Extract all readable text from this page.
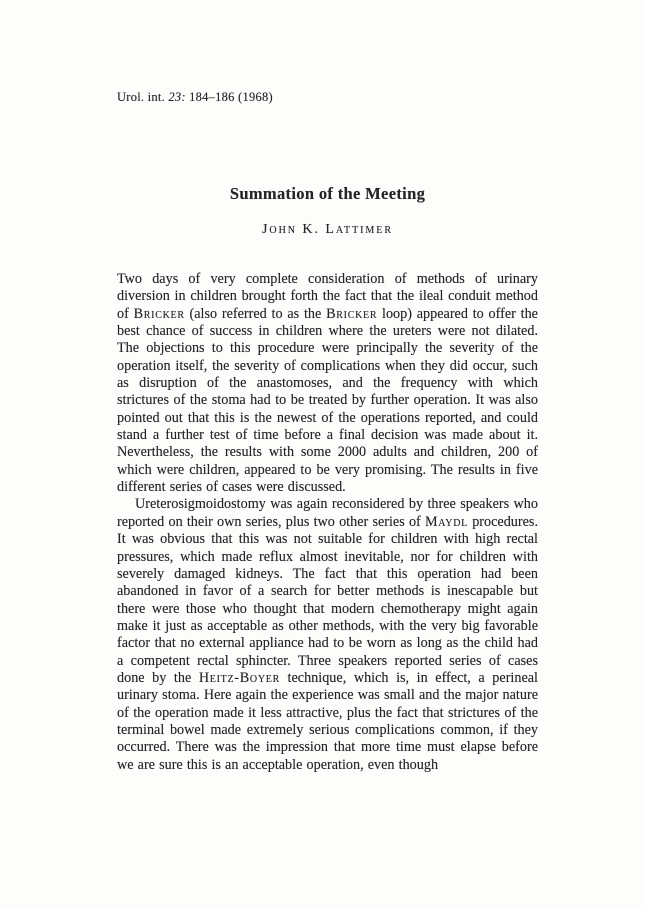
Urol. int. 23: 184–186 (1968)
Summation of the Meeting
John K. Lattimer

Two days of very complete consideration of methods of urinary diversion in children brought forth the fact that the ileal conduit method of Bricker (also referred to as the Bricker loop) appeared to offer the best chance of success in children where the ureters were not dilated. The objections to this procedure were principally the severity of the operation itself, the severity of complications when they did occur, such as disruption of the anastomoses, and the frequency with which strictures of the stoma had to be treated by further operation. It was also pointed out that this is the newest of the operations reported, and could stand a further test of time before a final decision was made about it. Nevertheless, the results with some 2000 adults and children, 200 of which were children, appeared to be very promising. The results in five different series of cases were discussed.

Ureterosigmoidostomy was again reconsidered by three speakers who reported on their own series, plus two other series of Maydl procedures. It was obvious that this was not suitable for children with high rectal pressures, which made reflux almost inevitable, nor for children with severely damaged kidneys. The fact that this operation had been abandoned in favor of a search for better methods is inescapable but there were those who thought that modern chemotherapy might again make it just as acceptable as other methods, with the very big favorable factor that no external appliance had to be worn as long as the child had a competent rectal sphincter. Three speakers reported series of cases done by the Heitz-Boyer technique, which is, in effect, a perineal urinary stoma. Here again the experience was small and the major nature of the operation made it less attractive, plus the fact that strictures of the terminal bowel made extremely serious complications common, if they occurred. There was the impression that more time must elapse before we are sure this is an acceptable operation, even though
